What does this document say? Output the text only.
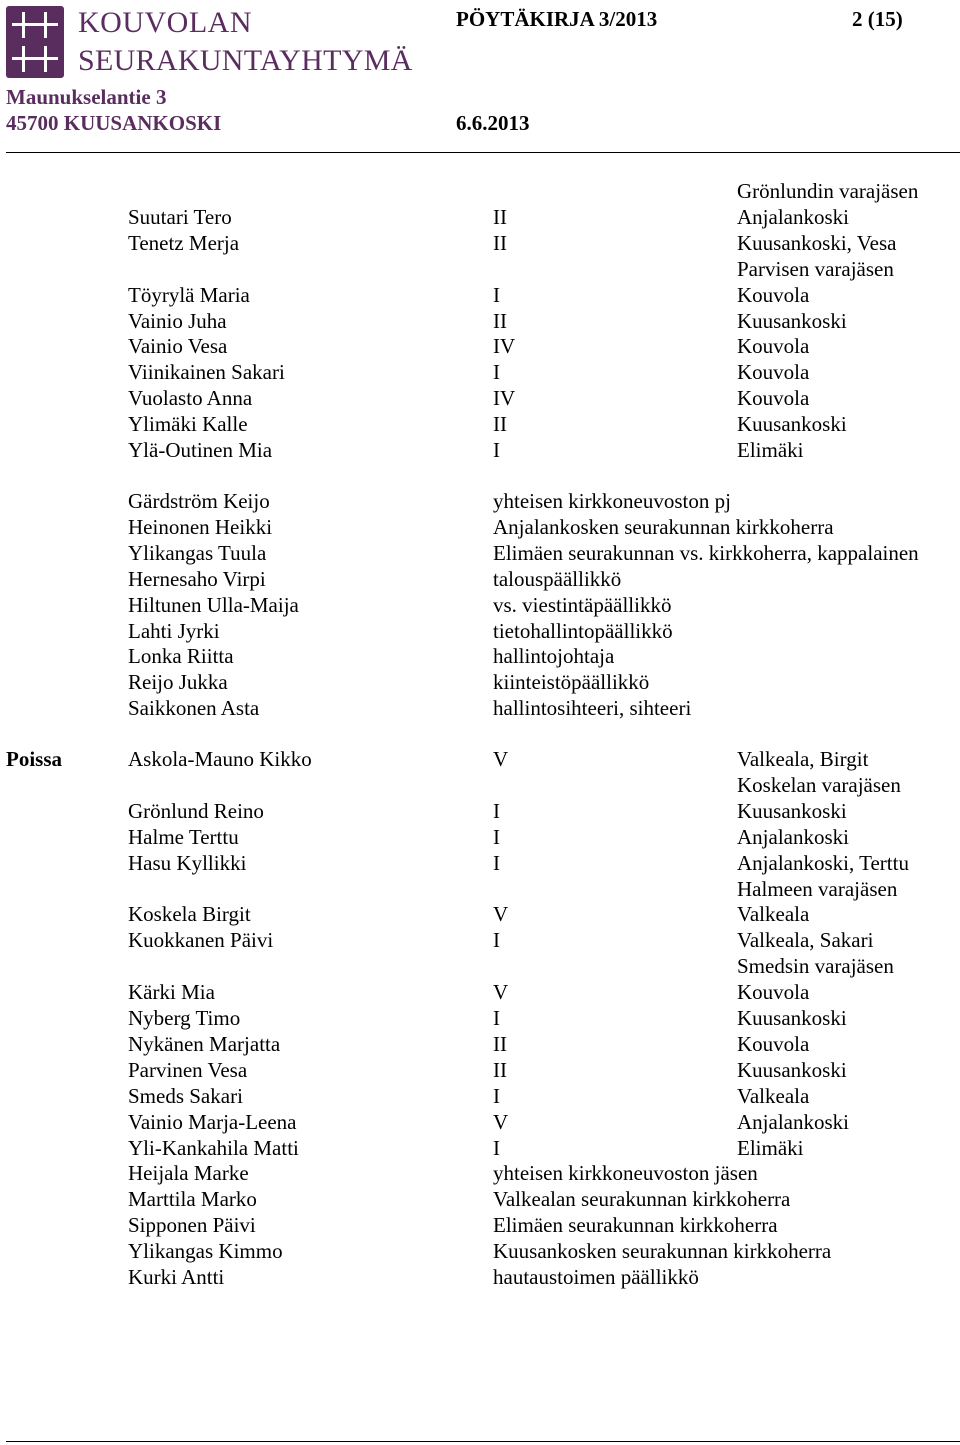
KOUVOLAN
SEURAKUNTAYHTYMÄ
Maunukselantie 3
45700 KUUSANKOSKI
PÖYTÄKIRJA 3/2013	2 (15)
6.6.2013
Grönlundin varajäsen
Suutari Tero	II	Anjalankoski
Tenetz Merja	II	Kuusankoski, Vesa
Parvisen varajäsen
Töyrylä Maria	I	Kouvola
Vainio Juha	II	Kuusankoski
Vainio Vesa	IV	Kouvola
Viinikainen Sakari	I	Kouvola
Vuolasto Anna	IV	Kouvola
Ylimäki Kalle	II	Kuusankoski
Ylä-Outinen Mia	I	Elimäki
Gärdström Keijo	yhteisen kirkkoneuvoston pj
Heinonen Heikki	Anjalankosken seurakunnan kirkkoherra
Ylikangas Tuula	Elimäen seurakunnan vs. kirkkoherra, kappalainen
Hernesaho Virpi	talouspäällikkö
Hiltunen Ulla-Maija	vs. viestintäpäällikkö
Lahti Jyrki	tietohallintopäällikkö
Lonka Riitta	hallintojohtaja
Reijo Jukka	kiinteistöpäällikkö
Saikkonen Asta	hallintosihteeri, sihteeri
Poissa	Askola-Mauno Kikko	V	Valkeala, Birgit
Koskelan varajäsen
Grönlund Reino	I	Kuusankoski
Halme Terttu	I	Anjalankoski
Hasu Kyllikki	I	Anjalankoski, Terttu
Halmeen varajäsen
Koskela Birgit	V	Valkeala
Kuokkanen Päivi	I	Valkeala, Sakari
Smedsin varajäsen
Kärki Mia	V	Kouvola
Nyberg Timo	I	Kuusankoski
Nykänen Marjatta	II	Kouvola
Parvinen Vesa	II	Kuusankoski
Smeds Sakari	I	Valkeala
Vainio Marja-Leena	V	Anjalankoski
Yli-Kankahila Matti	I	Elimäki
Heijala Marke	yhteisen kirkkoneuvoston jäsen
Marttila Marko	Valkealan seurakunnan kirkkoherra
Sipponen Päivi	Elimäen seurakunnan kirkkoherra
Ylikangas Kimmo	Kuusankosken seurakunnan kirkkoherra
Kurki Antti	hautaustoimen päällikkö
